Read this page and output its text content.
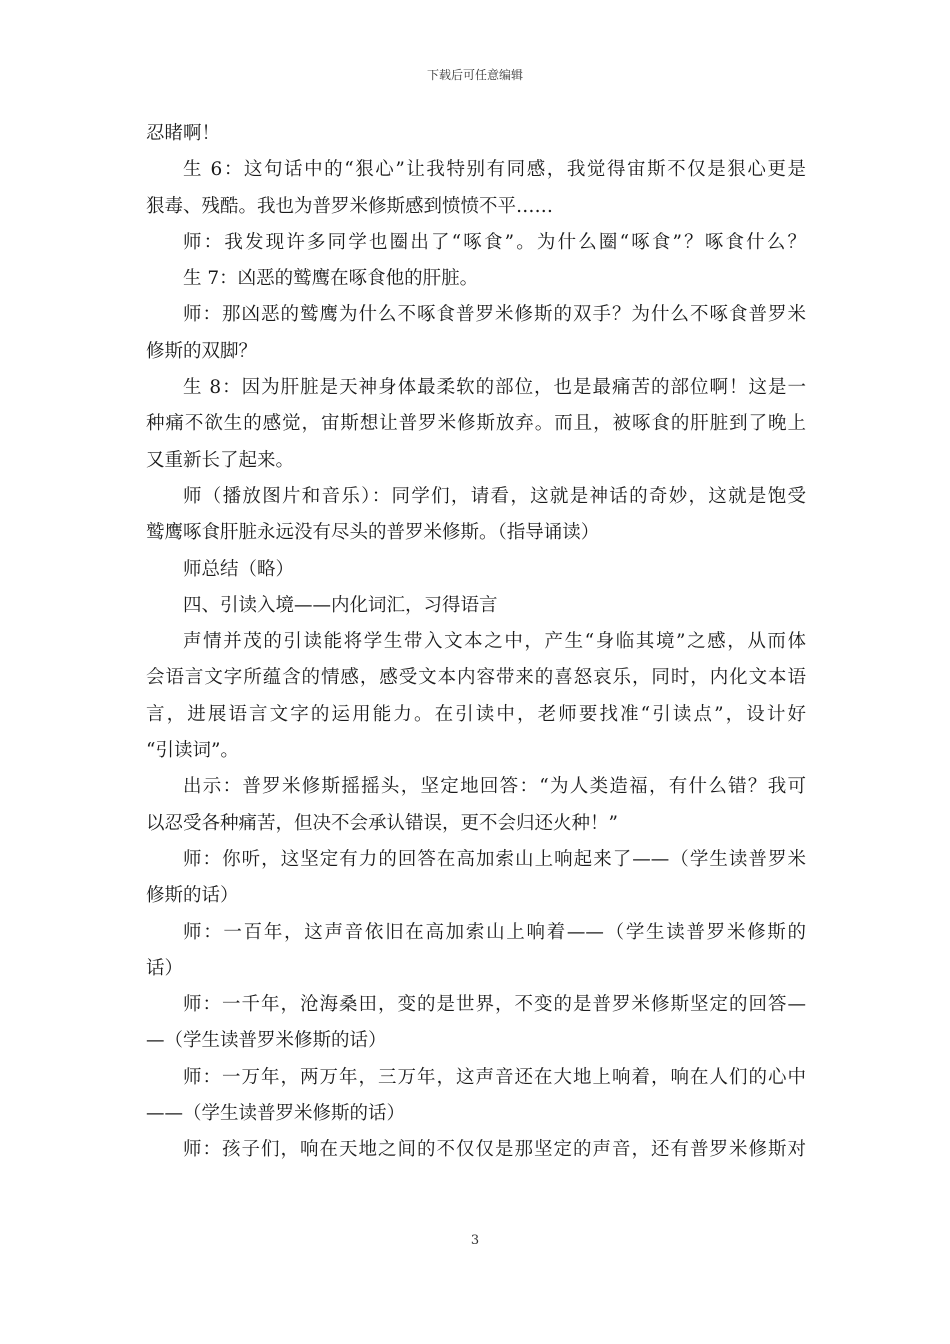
下载后可任意编辑
忍睹啊！
生 6：这句话中的“狠心”让我特别有同感，我觉得宙斯不仅是狠心更是
狠毒、残酷。我也为普罗米修斯感到愤愤不平……
师：我发现许多同学也圈出了“啄食”。为什么圈“啄食”？啄食什么？
生 7：凶恶的鹫鹰在啄食他的肝脏。
师：那凶恶的鹫鹰为什么不啄食普罗米修斯的双手？为什么不啄食普罗米
修斯的双脚？
生 8：因为肝脏是天神身体最柔软的部位，也是最痛苦的部位啊！这是一
种痛不欲生的感觉，宙斯想让普罗米修斯放弃。而且，被啄食的肝脏到了晚上
又重新长了起来。
师（播放图片和音乐）：同学们，请看，这就是神话的奇妙，这就是饱受
鹫鹰啄食肝脏永远没有尽头的普罗米修斯。（指导诵读）
师总结（略）
四、引读入境——内化词汇，习得语言
声情并茂的引读能将学生带入文本之中，产生“身临其境”之感，从而体
会语言文字所蕴含的情感，感受文本内容带来的喜怒哀乐，同时，内化文本语
言，进展语言文字的运用能力。在引读中，老师要找准“引读点”，设计好
“引读词”。
出示：普罗米修斯摇摇头，坚定地回答：“为人类造福，有什么错？我可
以忍受各种痛苦，但决不会承认错误，更不会归还火种！”
师：你听，这坚定有力的回答在高加索山上响起来了——（学生读普罗米
修斯的话）
师：一百年，这声音依旧在高加索山上响着——（学生读普罗米修斯的
话）
师：一千年，沧海桑田，变的是世界，不变的是普罗米修斯坚定的回答—
—（学生读普罗米修斯的话）
师：一万年，两万年，三万年，这声音还在大地上响着，响在人们的心中
——（学生读普罗米修斯的话）
师：孩子们，响在天地之间的不仅仅是那坚定的声音，还有普罗米修斯对
3
